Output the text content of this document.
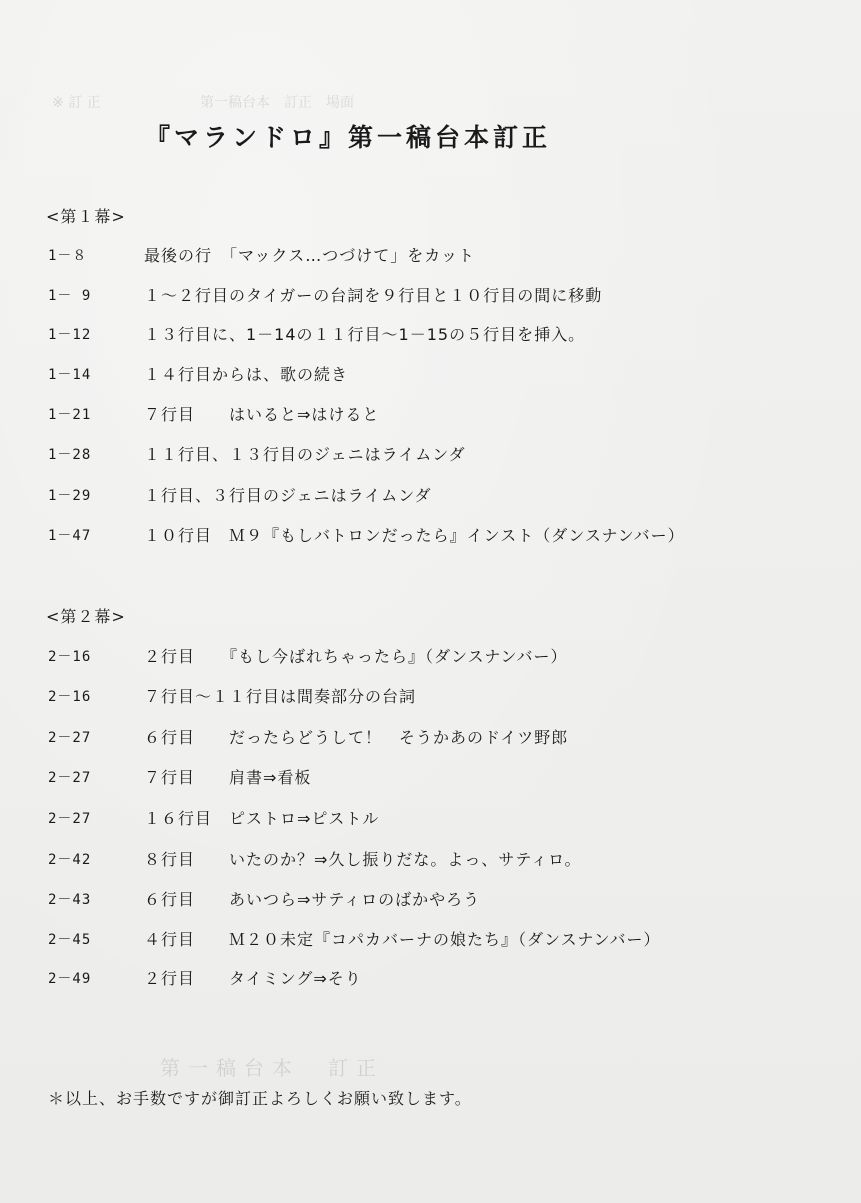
※ 訂 正	第一稿台本　訂正　場面
第一稿台本　訂正
『マランドロ』第一稿台本訂正
<第１幕>
1－８	最後の行　「マックス…つづけて」をカット
1－ 9	１～２行目のタイガーの台詞を９行目と１０行目の間に移動
1－12	１３行目に、1－14の１１行目～1－15の５行目を挿入。
1－14	１４行目からは、歌の続き
1－21	７行目　　はいると⇒はけると
1－28	１１行目、１３行目のジェニはライムンダ
1－29	１行目、３行目のジェニはライムンダ
1－47	１０行目　Ｍ９『もしバトロンだったら』インスト（ダンスナンバー）
<第２幕>
2－16	２行目　　『もし今ばれちゃったら』（ダンスナンバー）
2－16	７行目～１１行目は間奏部分の台詞
2－27	６行目　　だったらどうして！　そうかあのドイツ野郎
2－27	７行目　　肩書⇒看板
2－27	１６行目　ピストロ⇒ピストル
2－42	８行目　　いたのか？⇒久し振りだな。よっ、サティロ。
2－43	６行目　　あいつら⇒サティロのばかやろう
2－45	４行目　　Ｍ２０未定『コパカバーナの娘たち』（ダンスナンバー）
2－49	２行目　　タイミング⇒そり
＊以上、お手数ですが御訂正よろしくお願い致します。
